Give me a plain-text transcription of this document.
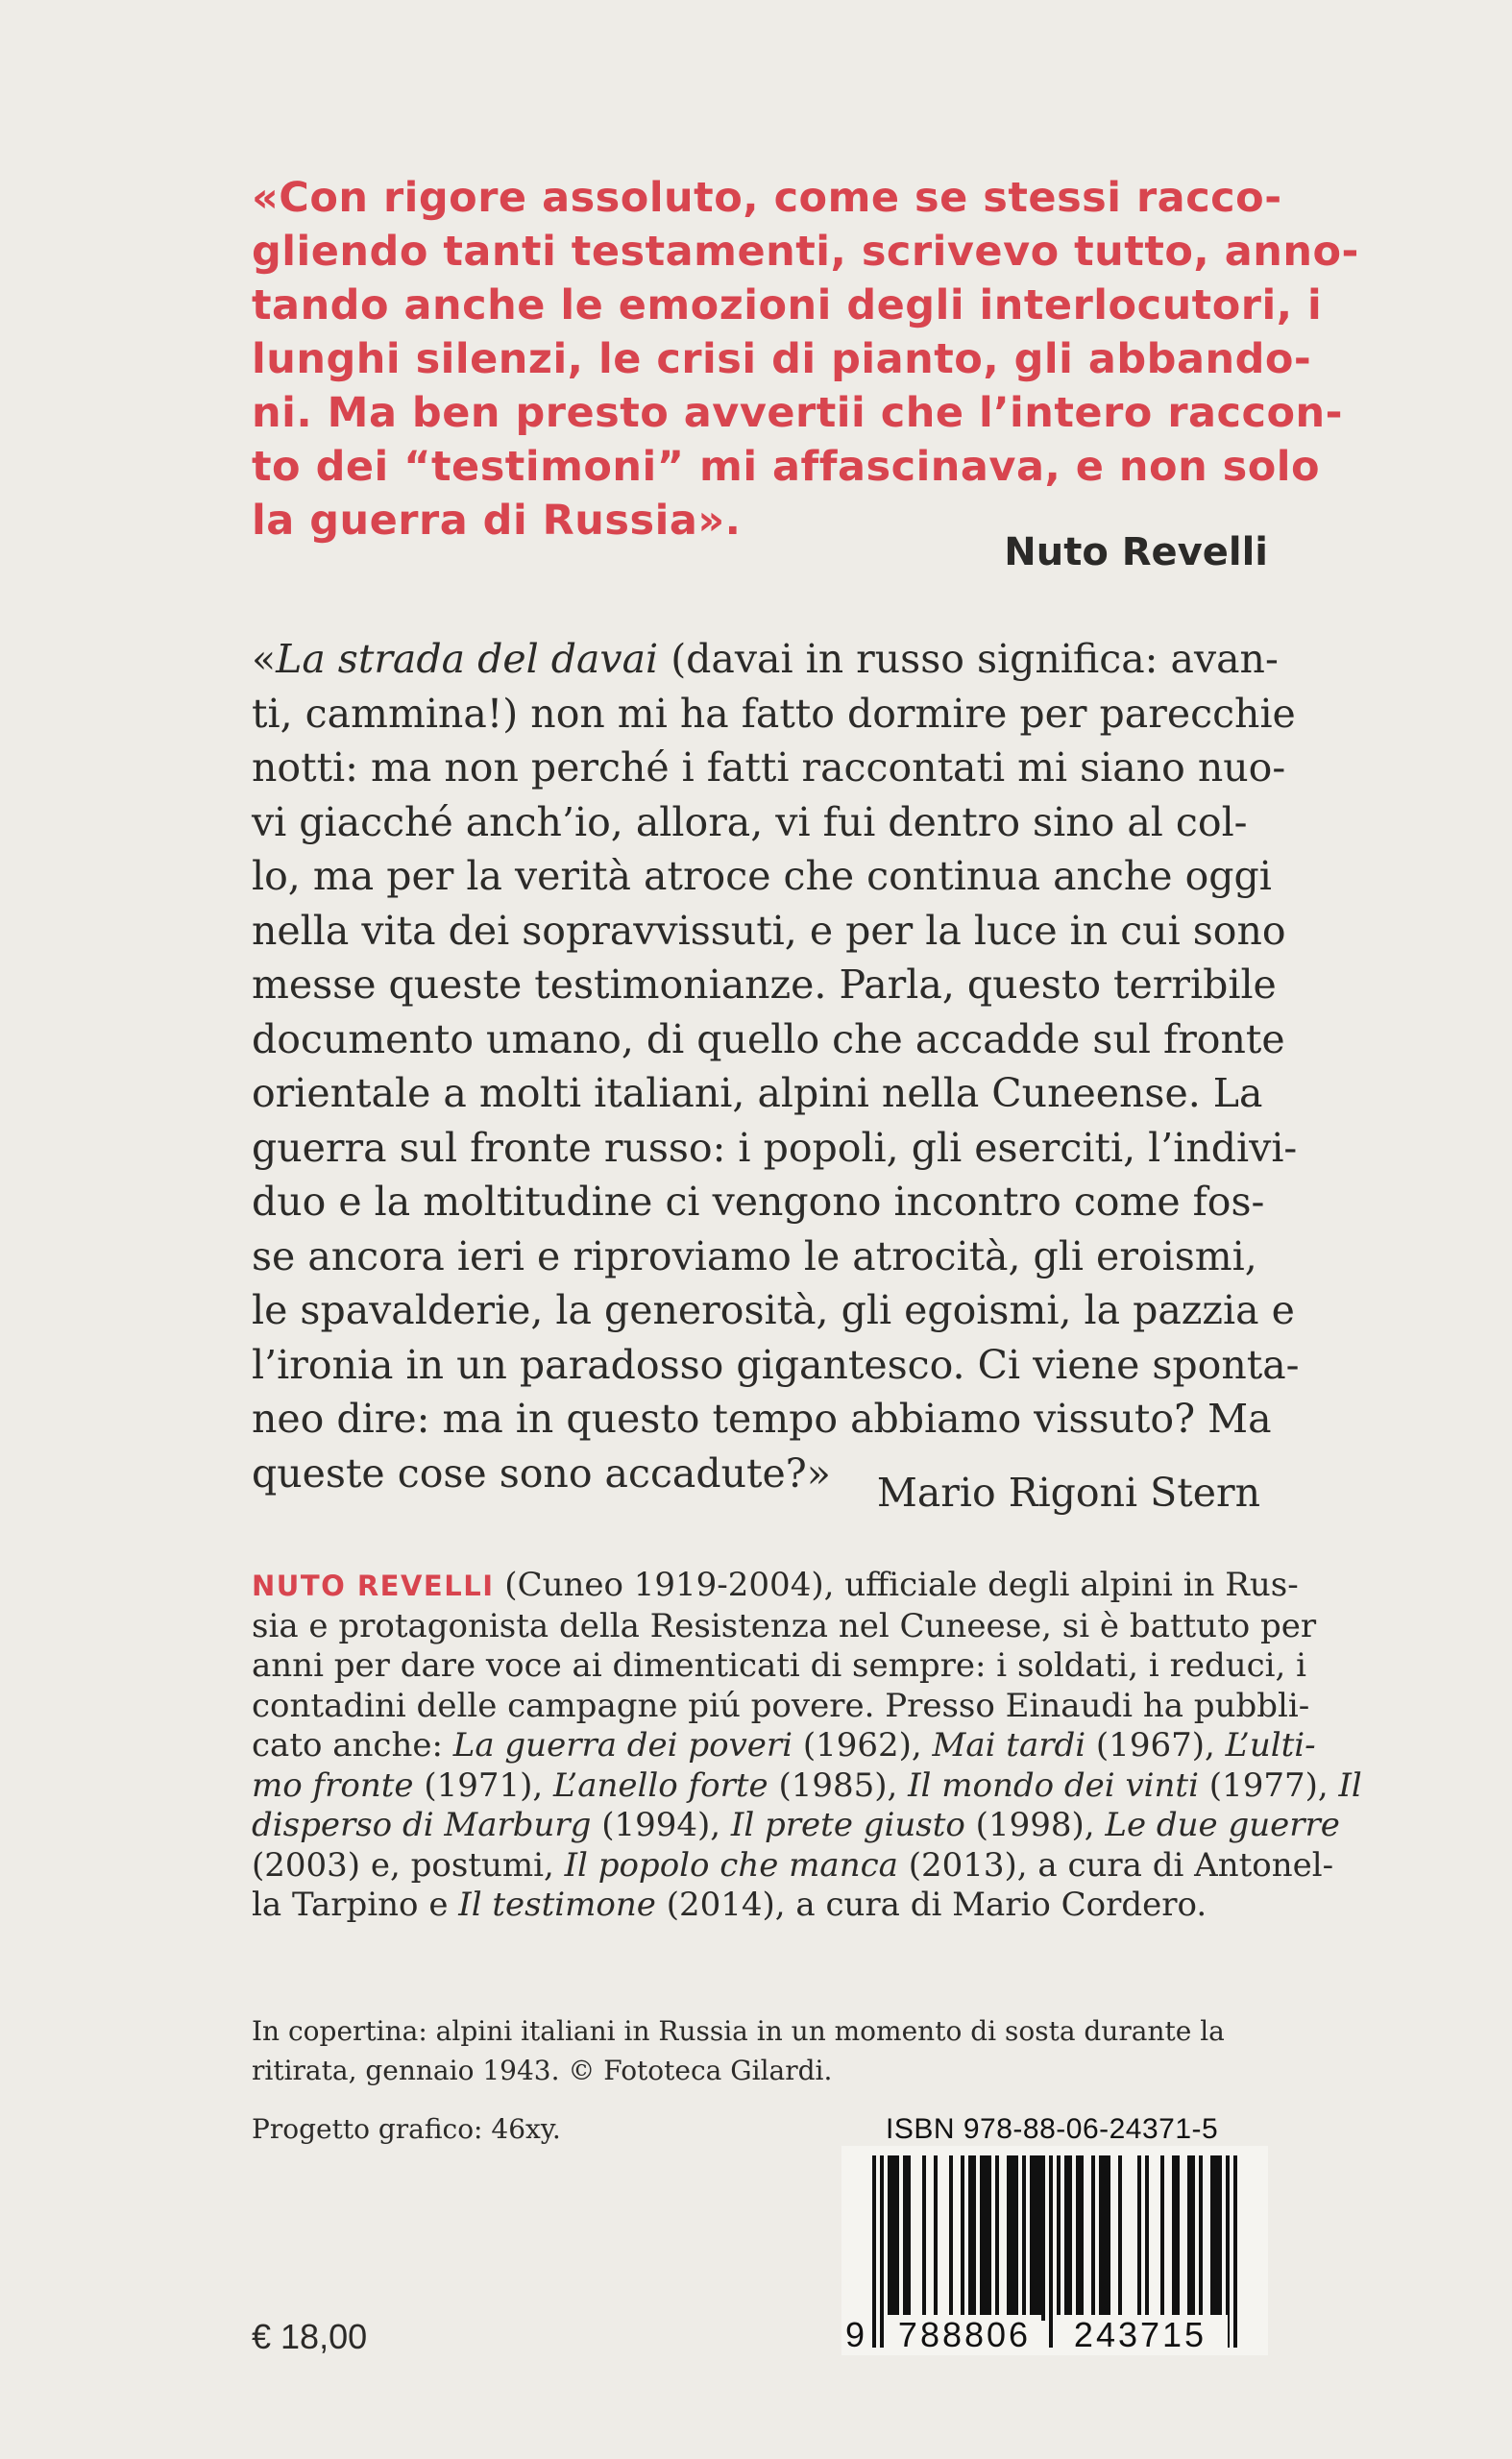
«Con rigore assoluto, come se stessi racco-
gliendo tanti testamenti, scrivevo tutto, anno-
tando anche le emozioni degli interlocutori, i
lunghi silenzi, le crisi di pianto, gli abbando-
ni. Ma ben presto avvertii che l’intero raccon-
to dei “testimoni” mi affascinava, e non solo
la guerra di Russia».
Nuto Revelli
«La strada del davai (davai in russo significa: avan-
ti, cammina!) non mi ha fatto dormire per parecchie
notti: ma non perché i fatti raccontati mi siano nuo-
vi giacché anch’io, allora, vi fui dentro sino al col-
lo, ma per la verità atroce che continua anche oggi
nella vita dei sopravvissuti, e per la luce in cui sono
messe queste testimonianze. Parla, questo terribile
documento umano, di quello che accadde sul fronte
orientale a molti italiani, alpini nella Cuneense. La
guerra sul fronte russo: i popoli, gli eserciti, l’indivi-
duo e la moltitudine ci vengono incontro come fos-
se ancora ieri e riproviamo le atrocità, gli eroismi,
le spavalderie, la generosità, gli egoismi, la pazzia e
l’ironia in un paradosso gigantesco. Ci viene sponta-
neo dire: ma in questo tempo abbiamo vissuto? Ma
queste cose sono accadute?»	Mario Rigoni Stern
NUTO REVELLI (Cuneo 1919-2004), ufficiale degli alpini in Rus-
sia e protagonista della Resistenza nel Cuneese, si è battuto per
anni per dare voce ai dimenticati di sempre: i soldati, i reduci, i
contadini delle campagne piú povere. Presso Einaudi ha pubbli-
cato anche: La guerra dei poveri (1962), Mai tardi (1967), L’ulti-
mo fronte (1971), L’anello forte (1985), Il mondo dei vinti (1977), Il
disperso di Marburg (1994), Il prete giusto (1998), Le due guerre
(2003) e, postumi, Il popolo che manca (2013), a cura di Antonel-
la Tarpino e Il testimone (2014), a cura di Mario Cordero.
In copertina: alpini italiani in Russia in un momento di sosta durante la
ritirata, gennaio 1943. © Fototeca Gilardi.
Progetto grafico: 46xy.	ISBN 978-88-06-24371-5
9 788806	243715
€ 18,00
